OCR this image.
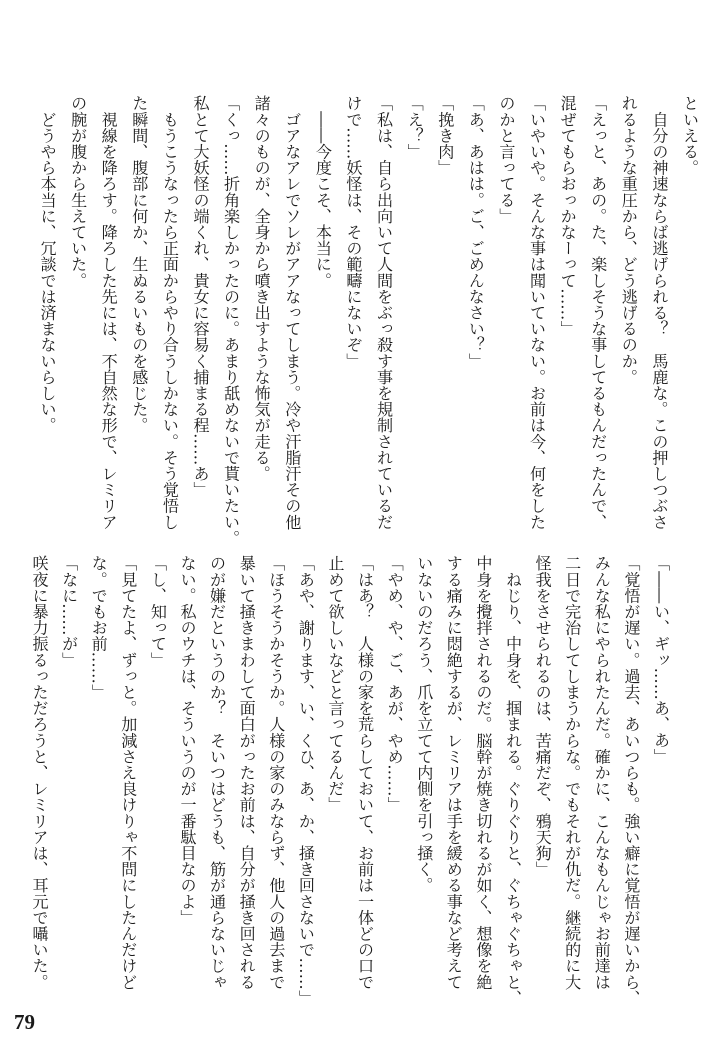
といえる。
　自分の神速ならば逃げられる？　馬鹿な。この押しつぶさ
れるような重圧から、どう逃げるのか。
「えっと、あの。た、楽しそうな事してるもんだったんで、
混ぜてもらおっかなーって……」
「いやいや。そんな事は聞いていない。お前は今、何をした
のかと言ってる」
「あ、あはは。ご、ごめんなさい？」
「挽き肉」
「え？」
「私は、自ら出向いて人間をぶっ殺す事を規制されているだ
けで……妖怪は、その範疇にないぞ」
　――今度こそ、本当に。
　ゴアなアレでソレがアアなってしまう。冷や汗脂汗その他
諸々のものが、全身から噴き出すような怖気が走る。
「くっ……折角楽しかったのに。あまり舐めないで貰いたい。
私とて大妖怪の端くれ、貴女に容易く捕まる程……あ」
　もうこうなったら正面からやり合うしかない。そう覚悟し
た瞬間、腹部に何か、生ぬるいものを感じた。
　視線を降ろす。降ろした先には、不自然な形で、レミリア
の腕が腹から生えていた。
　どうやら本当に、冗談では済まないらしい。
「――い、ギッ……あ、あ」
「覚悟が遅い。過去、あいつらも。強い癖に覚悟が遅いから、
みんな私にやられたんだ。確かに、こんなもんじゃお前達は
二日で完治してしまうからな。でもそれが仇だ。継続的に大
怪我をさせられるのは、苦痛だぞ、鴉天狗」
　ねじり、中身を、掴まれる。ぐりぐりと、ぐちゃぐちゃと、
中身を攪拌されるのだ。脳幹が焼き切れるが如く、想像を絶
する痛みに悶絶するが、レミリアは手を緩める事など考えて
いないのだろう、爪を立てて内側を引っ掻く。
「やめ、や、ご、あが、やめ……」
「はあ？　人様の家を荒らしておいて、お前は一体どの口で
止めて欲しいなどと言ってるんだ」
「あや、謝ります、い、くひ、あ、か、掻き回さないで……」
「ほうそうかそうか。人様の家のみならず、他人の過去まで
暴いて掻きまわして面白がったお前は、自分が掻き回される
のが嫌だというのか？　そいつはどうも、筋が通らないじゃ
ない。私のウチは、そういうのが一番駄目なのよ」
「し、知って」
「見てたよ、ずっと。加減さえ良けりゃ不問にしたんだけど
な。でもお前……」
「なに……が」
咲夜に暴力振るっただろうと、レミリアは、耳元で囁いた。
79
